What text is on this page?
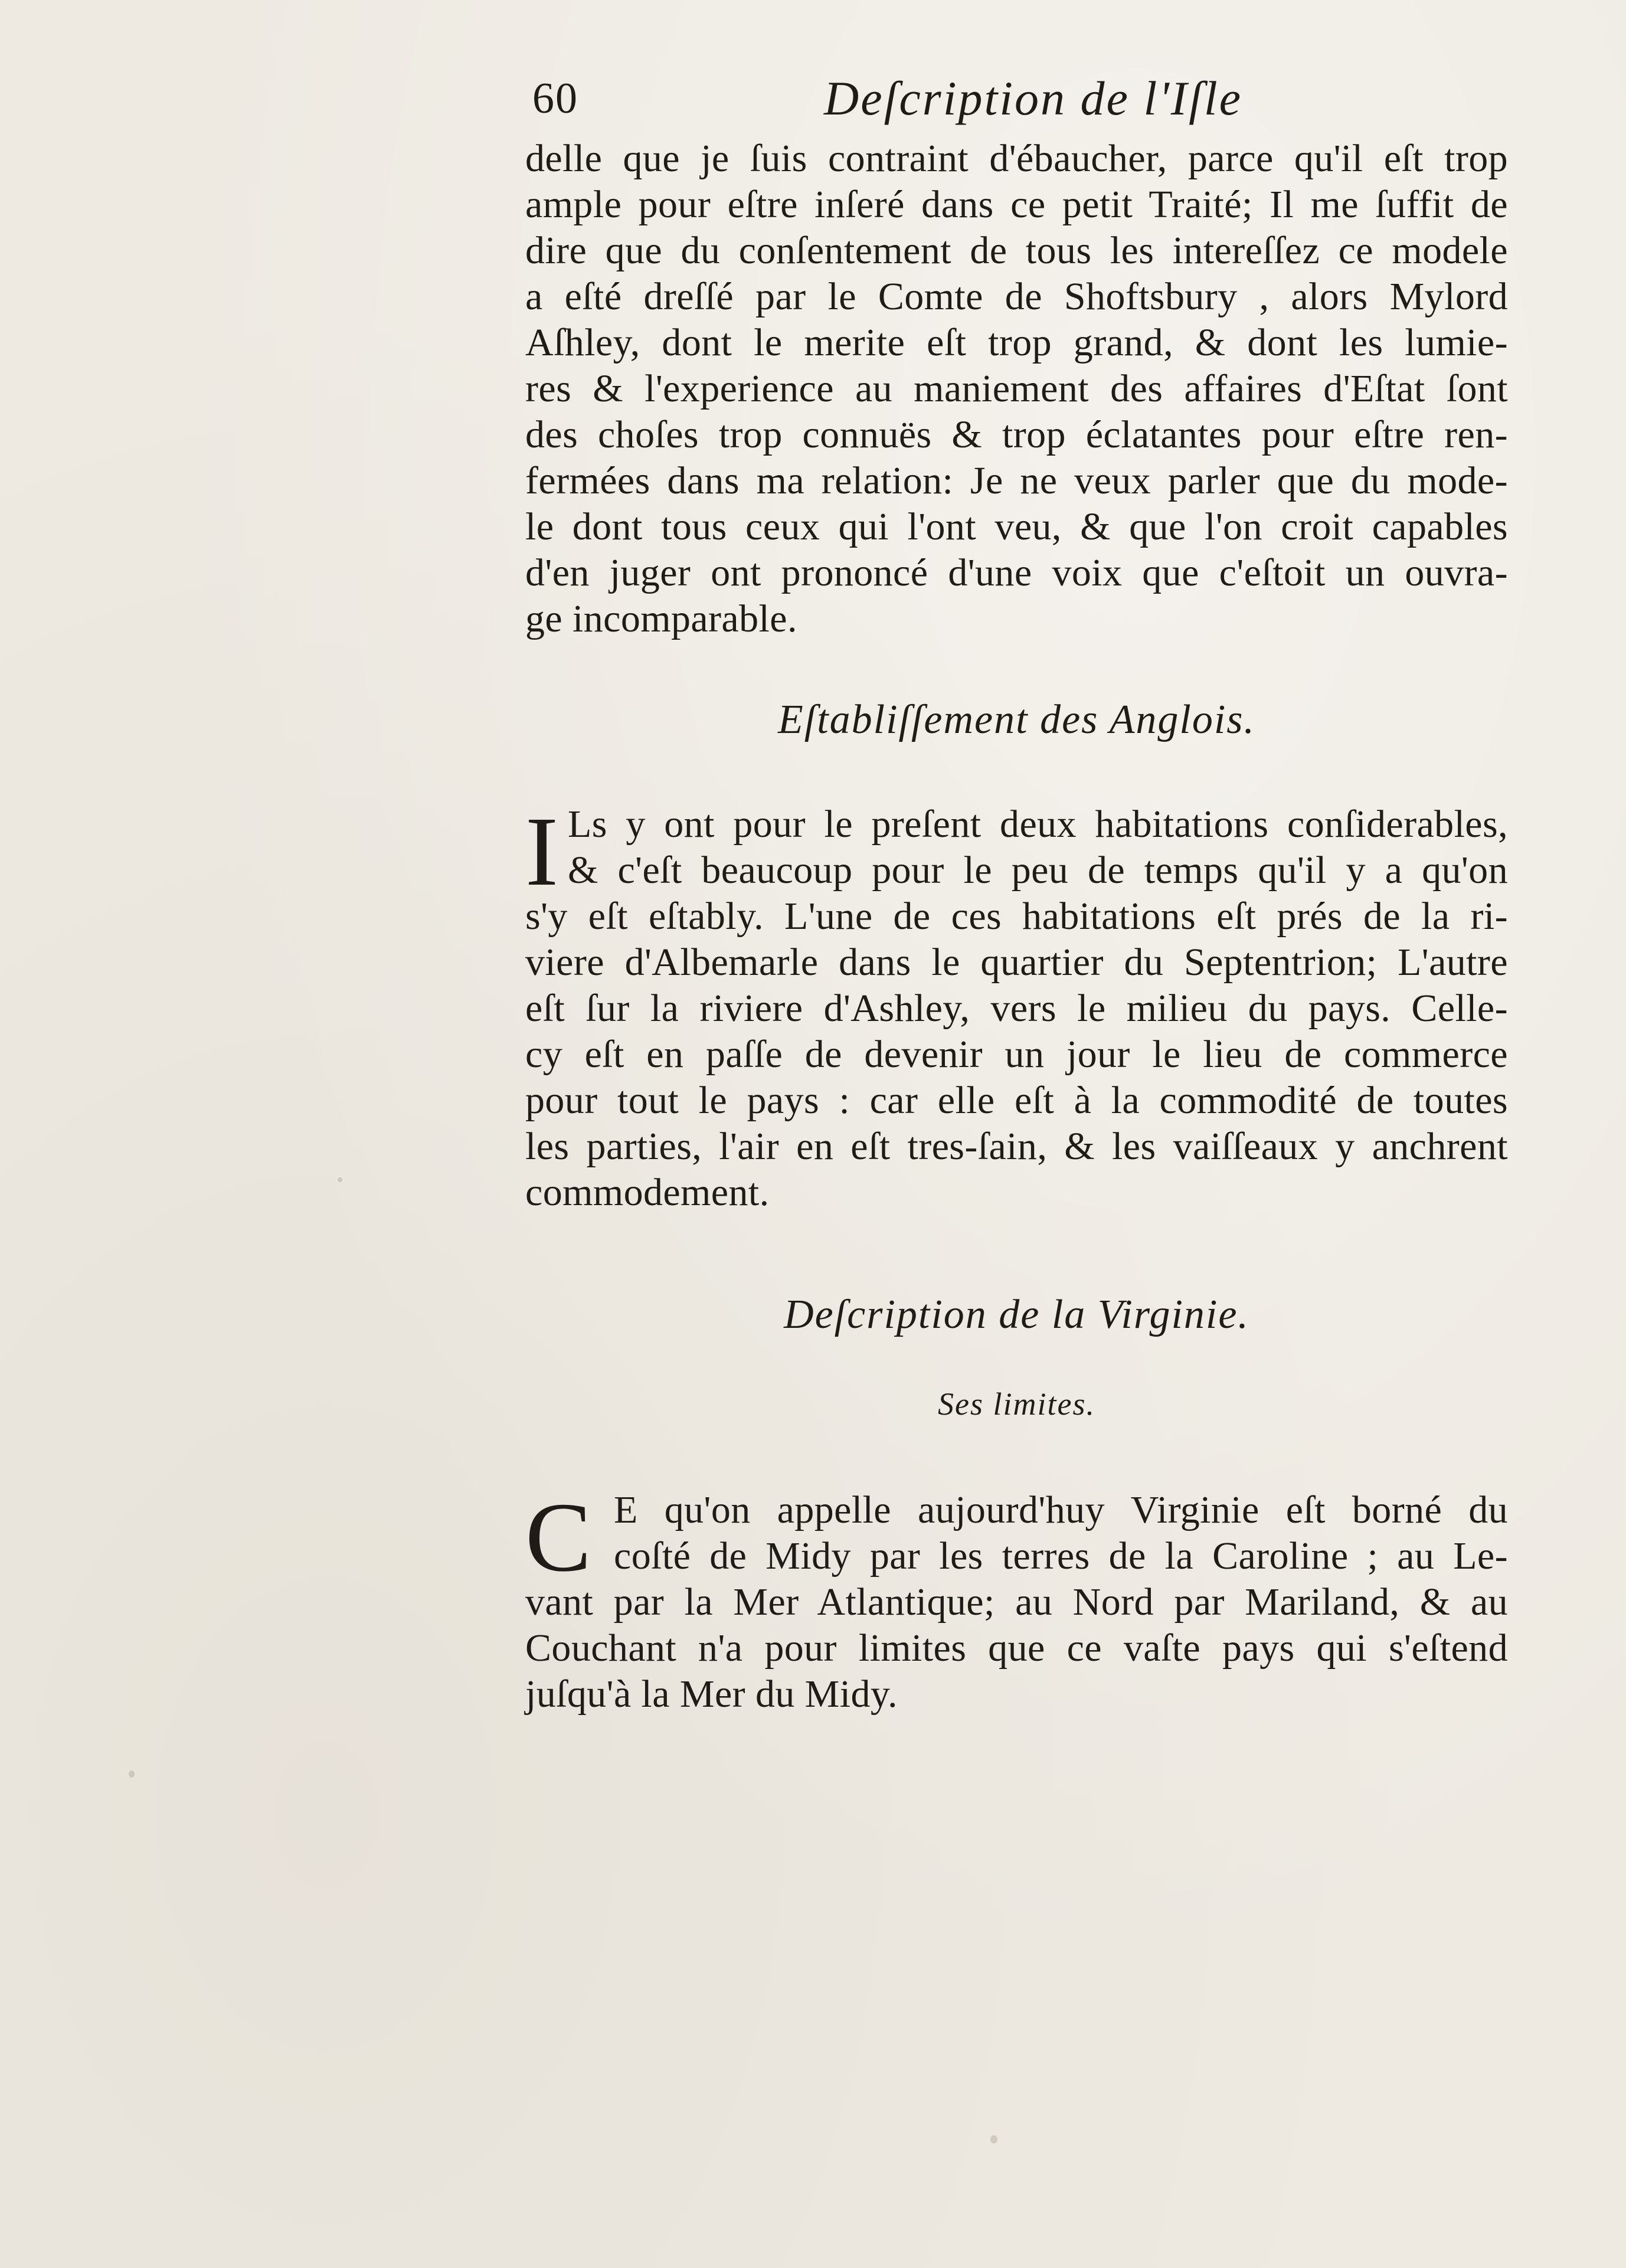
60	Deſcription de l'Iſle
delle que je ſuis contraint d'ébaucher, parce qu'il eſt trop
ample pour eſtre inſeré dans ce petit Traité; Il me ſuffit de
dire que du conſentement de tous les intereſſez ce modele
a eſté dreſſé par le Comte de Shoftsbury , alors Mylord
Aſhley, dont le merite eſt trop grand, & dont les lumie-
res & l'experience au maniement des affaires d'Eſtat ſont
des choſes trop connuës & trop éclatantes pour eſtre ren-
fermées dans ma relation: Je ne veux parler que du mode-
le dont tous ceux qui l'ont veu, & que l'on croit capables
d'en juger ont prononcé d'une voix que c'eſtoit un ouvra-
ge incomparable.
Eſtabliſſement des Anglois.
I Ls y ont pour le preſent deux habitations conſiderables,
& c'eſt beaucoup pour le peu de temps qu'il y a qu'on
s'y eſt eſtably. L'une de ces habitations eſt prés de la ri-
viere d'Albemarle dans le quartier du Septentrion; L'autre
eſt ſur la riviere d'Ashley, vers le milieu du pays. Celle-
cy eſt en paſſe de devenir un jour le lieu de commerce
pour tout le pays : car elle eſt à la commodité de toutes
les parties, l'air en eſt tres-ſain, & les vaiſſeaux y anchrent
commodement.
Deſcription de la Virginie.
Ses limites.
C E qu'on appelle aujourd'huy Virginie eſt borné du
coſté de Midy par les terres de la Caroline ; au Le-
vant par la Mer Atlantique; au Nord par Mariland, & au
Couchant n'a pour limites que ce vaſte pays qui s'eſtend
juſqu'à la Mer du Midy.
